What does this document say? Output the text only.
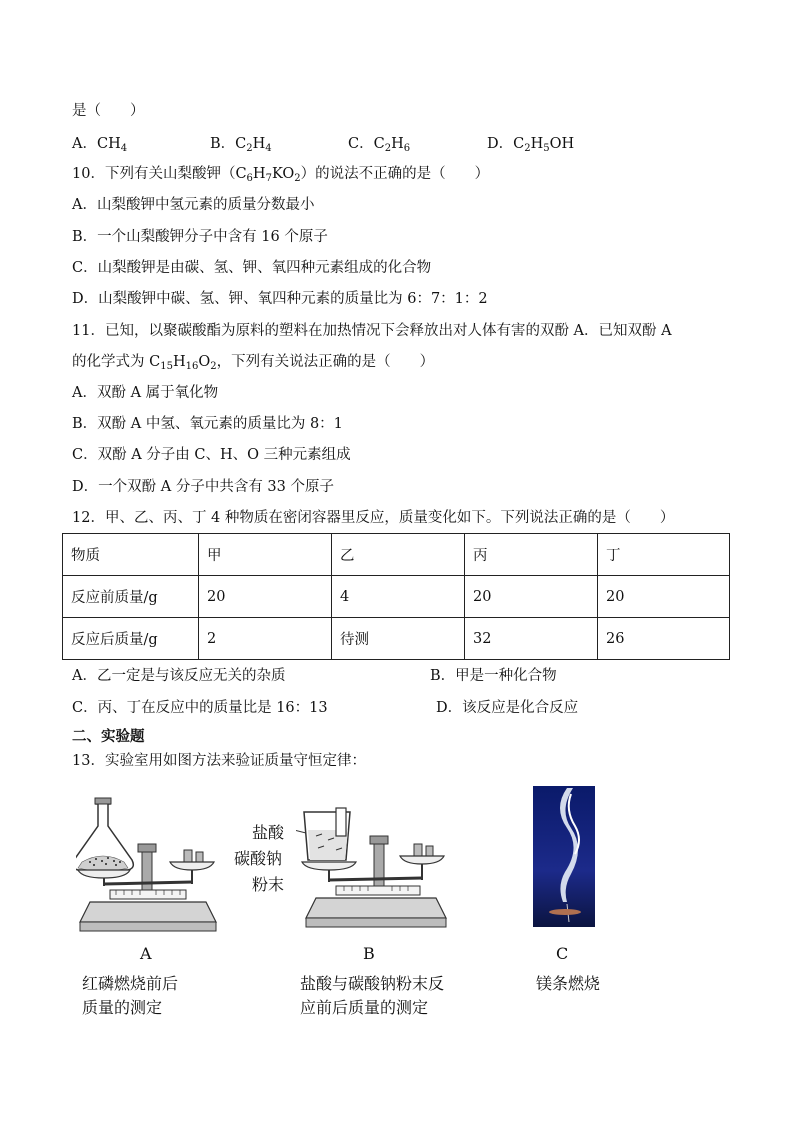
是（　　）
A．$CH_4$	B．$C_2H_4$	C．$C_2H_6$	D．$C_2H_5OH$
10．下列有关山梨酸钾$(C_6H_7KO_2)$的说法不正确的是（　　）
A．山梨酸钾中氢元素的质量分数最小
B．一个山梨酸钾分子中含有 16 个原子
C．山梨酸钾是由碳、氢、钾、氧四种元素组成的化合物
D．山梨酸钾中碳、氢、钾、氧四种元素的质量比为 6：7：1：2
11．已知，以聚碳酸酯为原料的塑料在加热情况下会释放出对人体有害的双酚 A．已知双酚 A
的化学式为 $C_{15}H_{16}O_2$，下列有关说法正确的是（　　）
A．双酚 A 属于氧化物
B．双酚 A 中氢、氧元素的质量比为 8：1
C．双酚 A 分子由 C、H、O 三种元素组成
D．一个双酚 A 分子中共含有 33 个原子
12．甲、乙、丙、丁 4 种物质在密闭容器里反应，质量变化如下。下列说法正确的是（　　）
物质	甲	乙	丙	丁
反应前质量/g	20	4	20	20
反应后质量/g	2	待测	32	26
A．乙一定是与该反应无关的杂质	B．甲是一种化合物
C．丙、丁在反应中的质量比是 16：13	D．该反应是化合反应
二、实验题
13．实验室用如图方法来验证质量守恒定律：
盐酸
碳酸钠
粉末
A	B	C
红磷燃烧前后
质量的测定
盐酸与碳酸钠粉末反
应前后质量的测定
镁条燃烧
